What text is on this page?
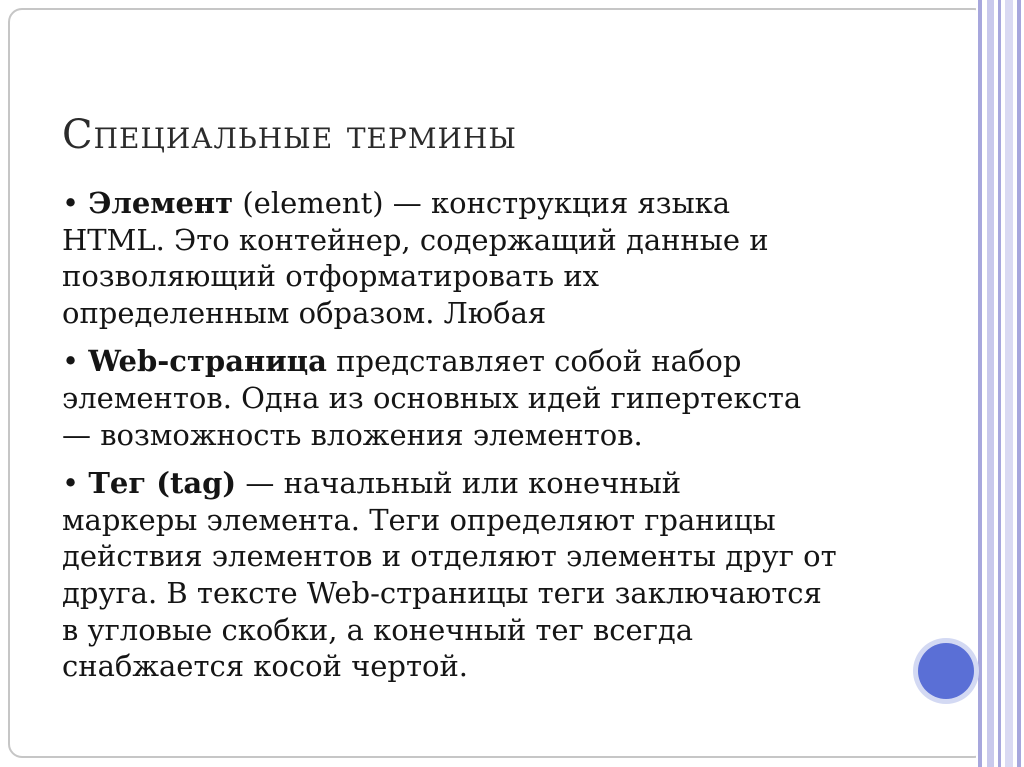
Специальные термины
• Элемент (element) — конструкция языка
HTML. Это контейнер, содержащий данные и
позволяющий отформатировать их
определенным образом. Любая
• Web-страница представляет собой набор
элементов. Одна из основных идей гипертекста
— возможность вложения элементов.
• Тег (tag) — начальный или конечный
маркеры элемента. Теги определяют границы
действия элементов и отделяют элементы друг от
друга. В тексте Web-страницы теги заключаются
в угловые скобки, а конечный тег всегда
снабжается косой чертой.
